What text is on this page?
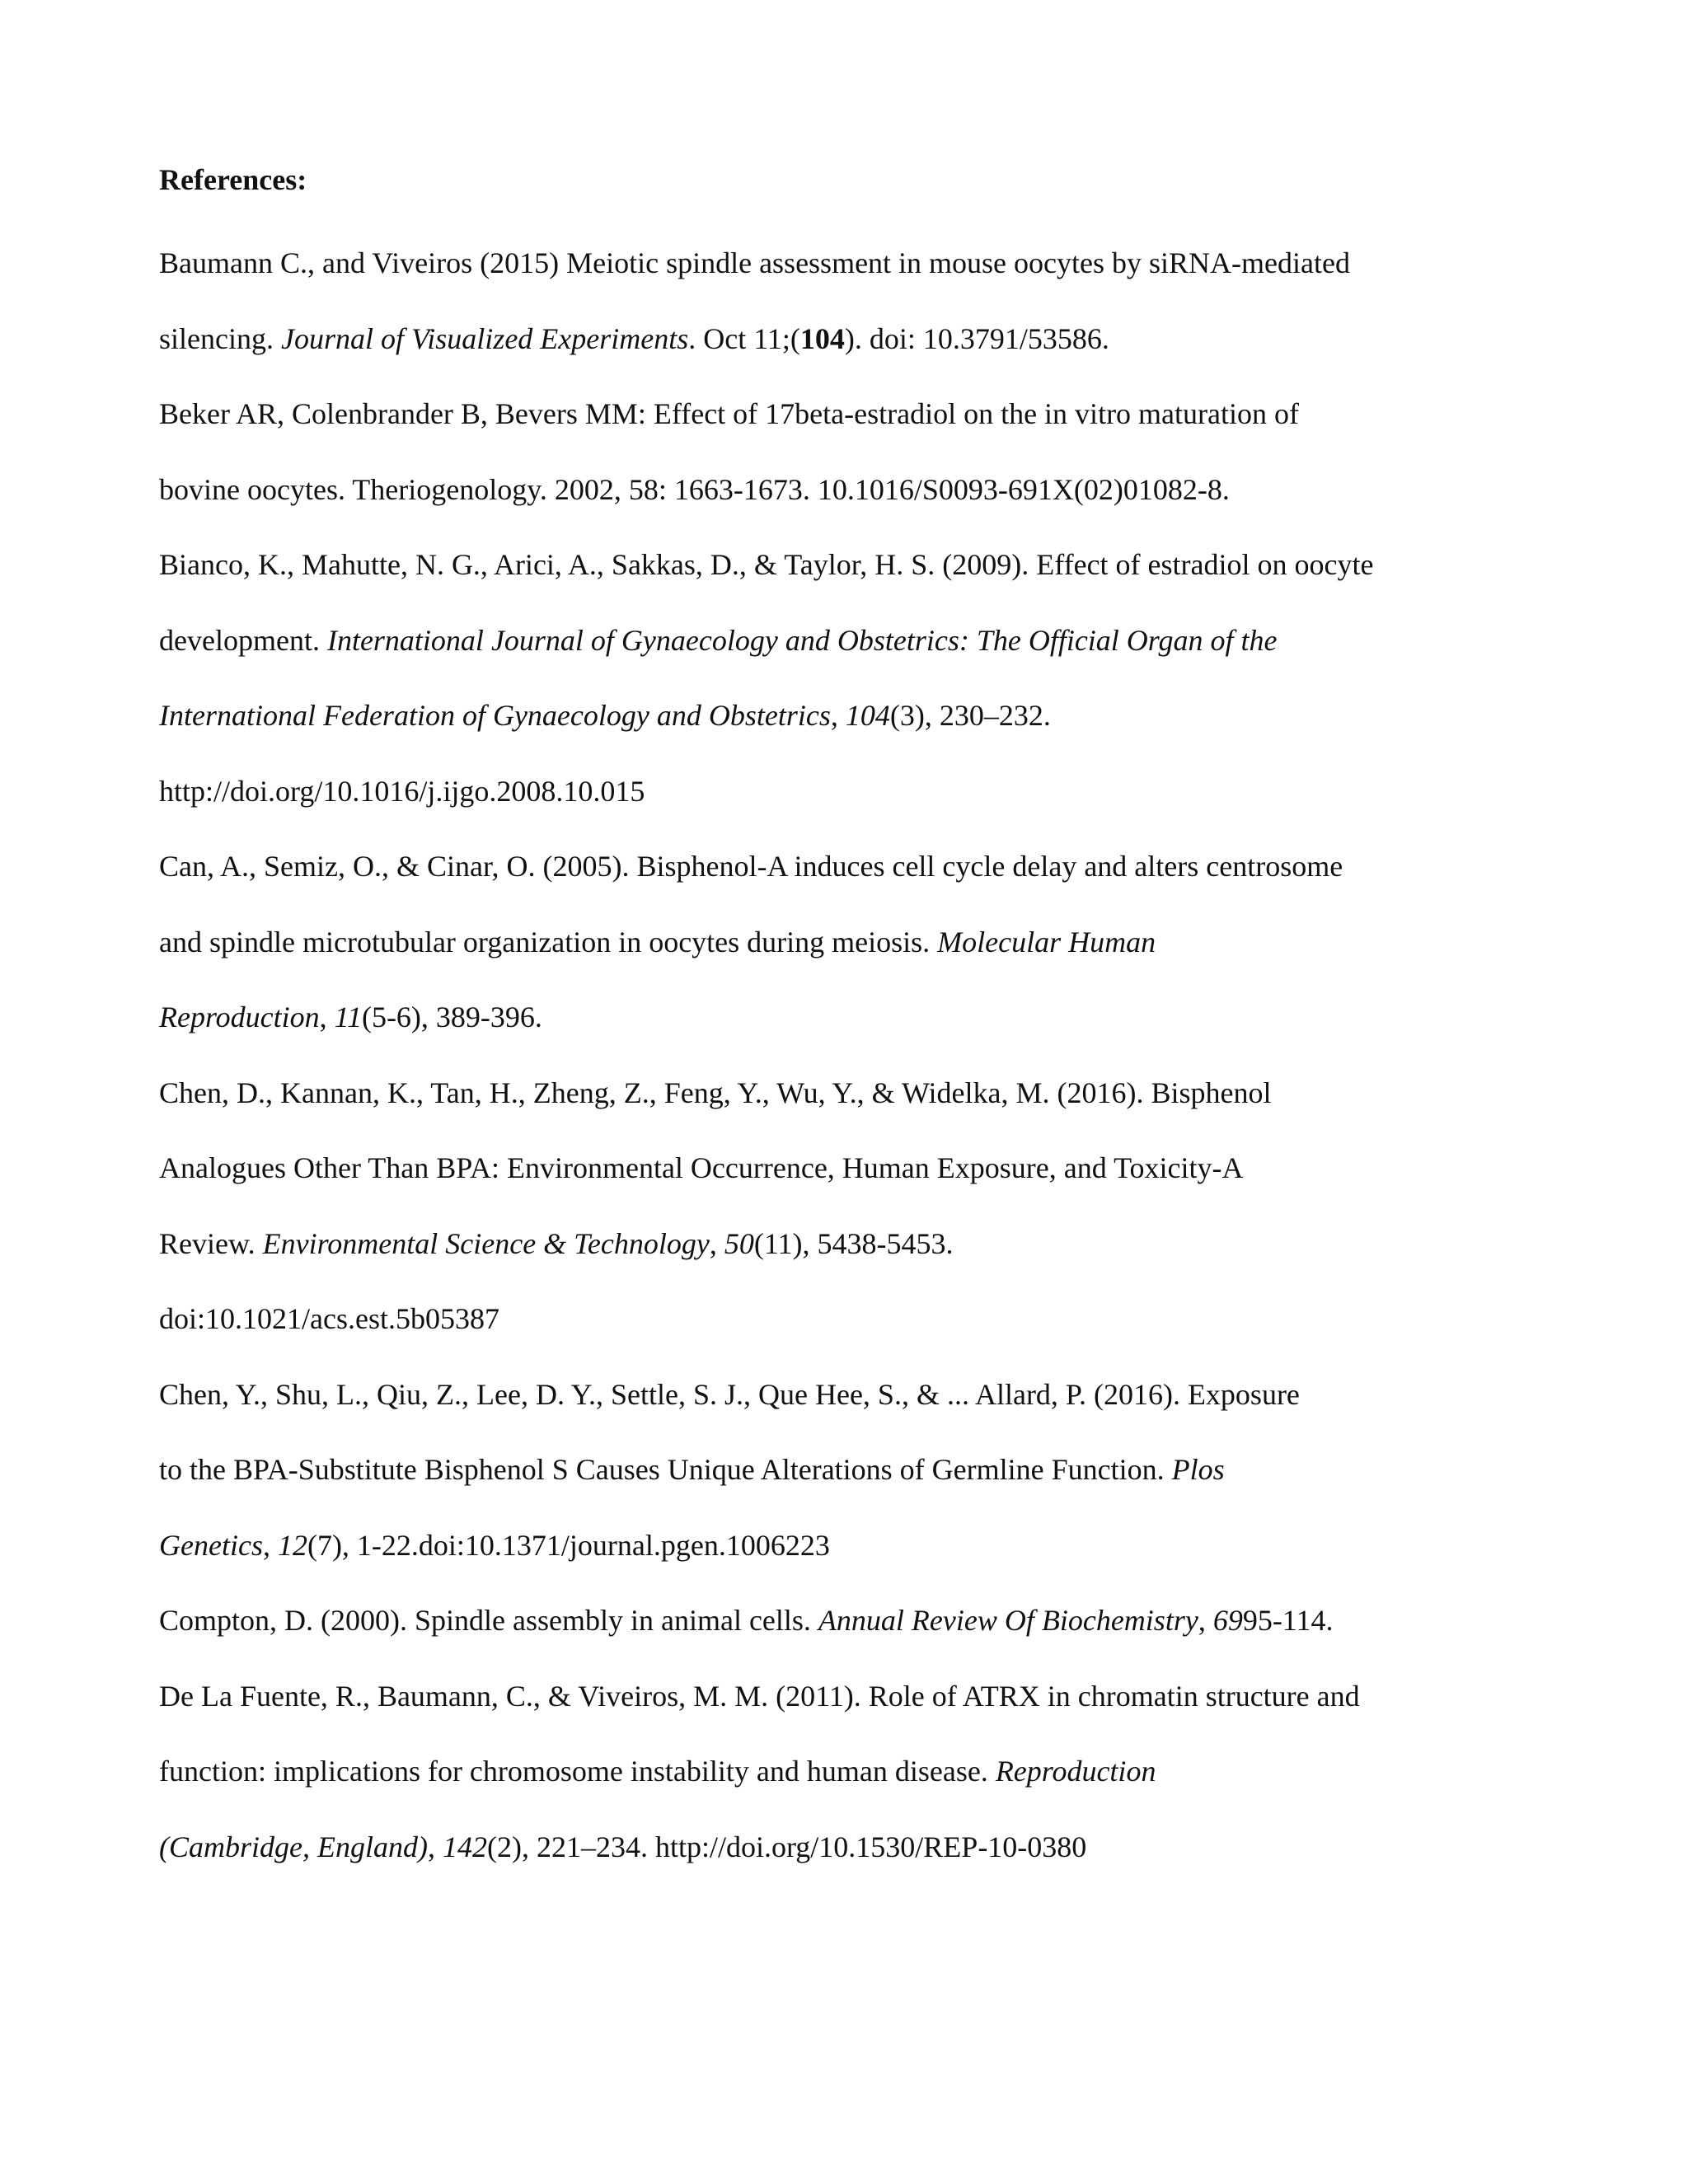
References:
Baumann C., and Viveiros (2015) Meiotic spindle assessment in mouse oocytes by siRNA-mediated
silencing. Journal of Visualized Experiments. Oct 11;(104). doi: 10.3791/53586.
Beker AR, Colenbrander B, Bevers MM: Effect of 17beta-estradiol on the in vitro maturation of
bovine oocytes. Theriogenology. 2002, 58: 1663-1673. 10.1016/S0093-691X(02)01082-8.
Bianco, K., Mahutte, N. G., Arici, A., Sakkas, D., & Taylor, H. S. (2009). Effect of estradiol on oocyte
development. International Journal of Gynaecology and Obstetrics: The Official Organ of the
International Federation of Gynaecology and Obstetrics, 104(3), 230–232.
http://doi.org/10.1016/j.ijgo.2008.10.015
Can, A., Semiz, O., & Cinar, O. (2005). Bisphenol-A induces cell cycle delay and alters centrosome
and spindle microtubular organization in oocytes during meiosis. Molecular Human
Reproduction, 11(5-6), 389-396.
Chen, D., Kannan, K., Tan, H., Zheng, Z., Feng, Y., Wu, Y., & Widelka, M. (2016). Bisphenol
Analogues Other Than BPA: Environmental Occurrence, Human Exposure, and Toxicity-A
Review. Environmental Science & Technology, 50(11), 5438-5453.
doi:10.1021/acs.est.5b05387
Chen, Y., Shu, L., Qiu, Z., Lee, D. Y., Settle, S. J., Que Hee, S., & ... Allard, P. (2016). Exposure
to the BPA-Substitute Bisphenol S Causes Unique Alterations of Germline Function. Plos
Genetics, 12(7), 1-22.doi:10.1371/journal.pgen.1006223
Compton, D. (2000). Spindle assembly in animal cells. Annual Review Of Biochemistry, 6995-114.
De La Fuente, R., Baumann, C., & Viveiros, M. M. (2011). Role of ATRX in chromatin structure and
function: implications for chromosome instability and human disease. Reproduction
(Cambridge, England), 142(2), 221–234. http://doi.org/10.1530/REP-10-0380
